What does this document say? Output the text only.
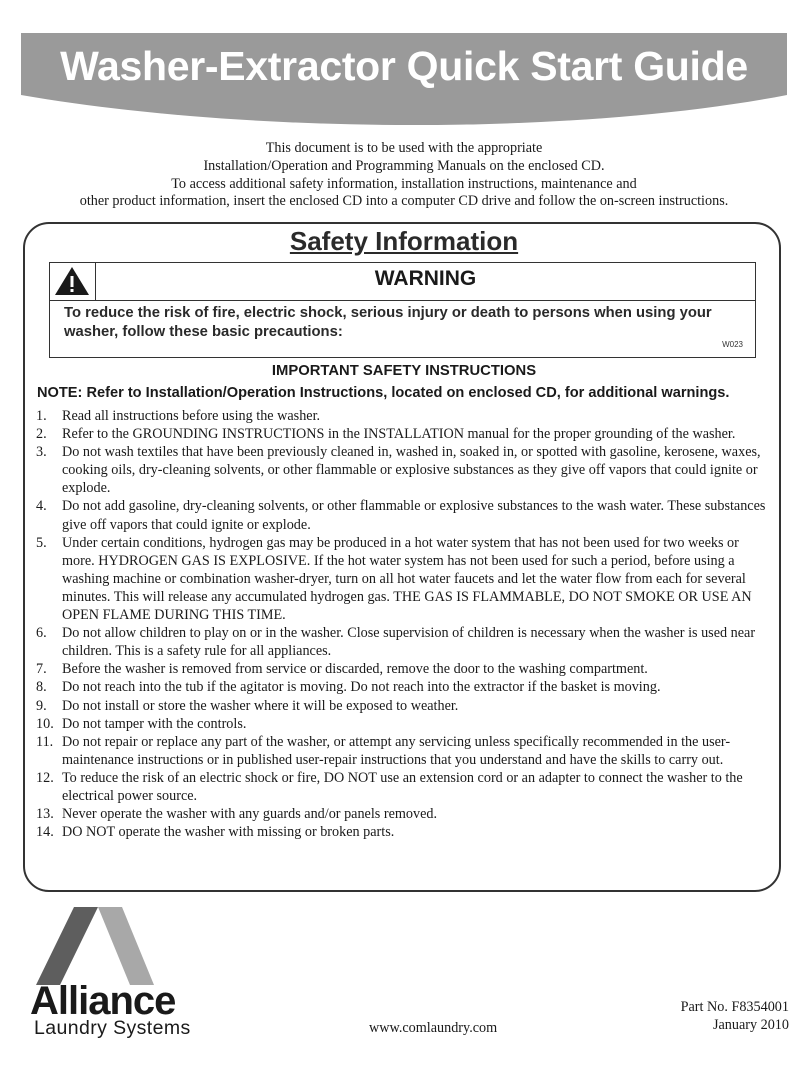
Washer-Extractor Quick Start Guide
This document is to be used with the appropriate
Installation/Operation and Programming Manuals on the enclosed CD.
To access additional safety information, installation instructions, maintenance and
other product information, insert the enclosed CD into a computer CD drive and follow the on-screen instructions.
Safety Information
WARNING
To reduce the risk of fire, electric shock, serious injury or death to persons when using your washer, follow these basic precautions:
W023
IMPORTANT SAFETY INSTRUCTIONS
NOTE: Refer to Installation/Operation Instructions, located on enclosed CD, for additional warnings.
1. Read all instructions before using the washer.
2. Refer to the GROUNDING INSTRUCTIONS in the INSTALLATION manual for the proper grounding of the washer.
3. Do not wash textiles that have been previously cleaned in, washed in, soaked in, or spotted with gasoline, kerosene, waxes, cooking oils, dry-cleaning solvents, or other flammable or explosive substances as they give off vapors that could ignite or explode.
4. Do not add gasoline, dry-cleaning solvents, or other flammable or explosive substances to the wash water. These substances give off vapors that could ignite or explode.
5. Under certain conditions, hydrogen gas may be produced in a hot water system that has not been used for two weeks or more. HYDROGEN GAS IS EXPLOSIVE. If the hot water system has not been used for such a period, before using a washing machine or combination washer-dryer, turn on all hot water faucets and let the water flow from each for several minutes. This will release any accumulated hydrogen gas. THE GAS IS FLAMMABLE, DO NOT SMOKE OR USE AN OPEN FLAME DURING THIS TIME.
6. Do not allow children to play on or in the washer. Close supervision of children is necessary when the washer is used near children. This is a safety rule for all appliances.
7. Before the washer is removed from service or discarded, remove the door to the washing compartment.
8. Do not reach into the tub if the agitator is moving. Do not reach into the extractor if the basket is moving.
9. Do not install or store the washer where it will be exposed to weather.
10. Do not tamper with the controls.
11. Do not repair or replace any part of the washer, or attempt any servicing unless specifically recommended in the user-maintenance instructions or in published user-repair instructions that you understand and have the skills to carry out.
12. To reduce the risk of an electric shock or fire, DO NOT use an extension cord or an adapter to connect the washer to the electrical power source.
13. Never operate the washer with any guards and/or panels removed.
14. DO NOT operate the washer with missing or broken parts.
Alliance
Laundry Systems	www.comlaundry.com
Part No. F8354001
January 2010
